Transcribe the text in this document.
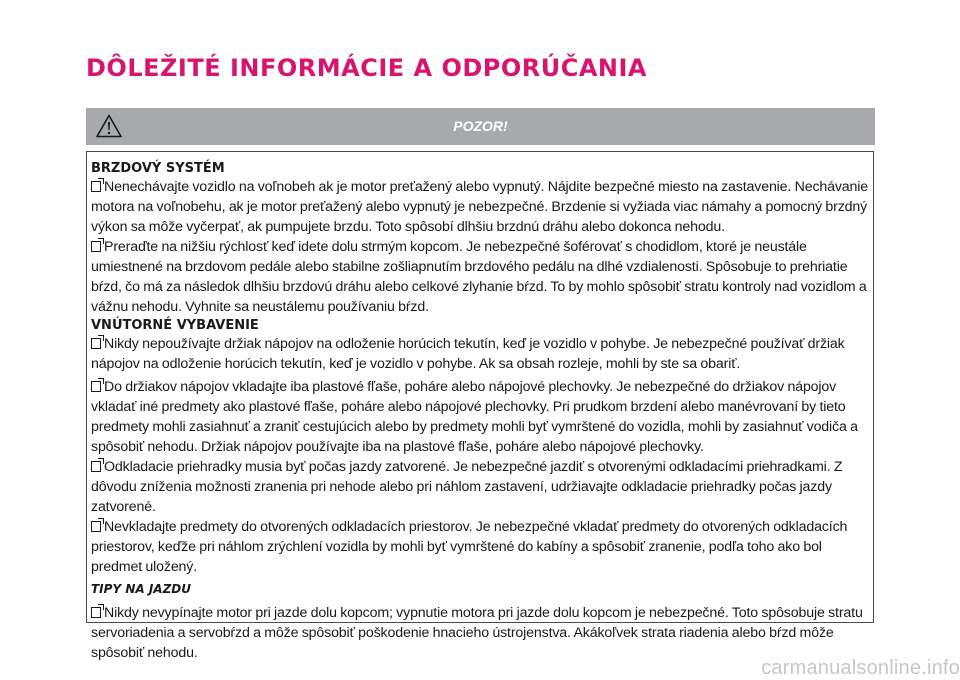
DÔLEŽITÉ INFORMÁCIE A ODPORÚČANIA
POZOR!
BRZDOVÝ SYSTÉM

Nenechávajte vozidlo na voľnobeh ak je motor preťažený alebo vypnutý. Nájdite bezpečné miesto na zastavenie. Nechávanie motora na voľnobehu, ak je motor preťažený alebo vypnutý je nebezpečné. Brzdenie si vyžiada viac námahy a pomocný brzdný výkon sa môže vyčerpať, ak pumpujete brzdu. Toto spôsobí dlhšiu brzdnú dráhu alebo dokonca nehodu.

Preraďte na nižšiu rýchlosť keď idete dolu strmým kopcom. Je nebezpečné šoférovať s chodidlom, ktoré je neustále umiestnené na brzdovom pedále alebo stabilne zošliapnutím brzdového pedálu na dlhé vzdialenosti. Spôsobuje to prehriatie bŕzd, čo má za následok dlhšiu brzdovú dráhu alebo celkové zlyhanie bŕzd. To by mohlo spôsobiť stratu kontroly nad vozidlom a vážnu nehodu. Vyhnite sa neustálemu používaniu bŕzd.

VNÚTORNÉ VYBAVENIE

Nikdy nepoužívajte držiak nápojov na odloženie horúcich tekutín, keď je vozidlo v pohybe. Je nebezpečné používať držiak nápojov na odloženie horúcich tekutín, keď je vozidlo v pohybe. Ak sa obsah rozleje, mohli by ste sa obariť.

Do držiakov nápojov vkladajte iba plastové fľaše, poháre alebo nápojové plechovky. Je nebezpečné do držiakov nápojov vkladať iné predmety ako plastové fľaše, poháre alebo nápojové plechovky. Pri prudkom brzdení alebo manévrovaní by tieto predmety mohli zasiahnuť a zraniť cestujúcich alebo by predmety mohli byť vymrštené do vozidla, mohli by zasiahnuť vodiča a spôsobiť nehodu. Držiak nápojov používajte iba na plastové fľaše, poháre alebo nápojové plechovky.

Odkladacie priehradky musia byť počas jazdy zatvorené. Je nebezpečné jazdiť s otvorenými odkladacími priehradkami. Z dôvodu zníženia možnosti zranenia pri nehode alebo pri náhlom zastavení, udržiavajte odkladacie priehradky počas jazdy zatvorené.

Nevkladajte predmety do otvorených odkladacích priestorov. Je nebezpečné vkladať predmety do otvorených odkladacích priestorov, keďže pri náhlom zrýchlení vozidla by mohli byť vymrštené do kabíny a spôsobiť zranenie, podľa toho ako bol predmet uložený.

TIPY NA JAZDU

Nikdy nevypínajte motor pri jazde dolu kopcom; vypnutie motora pri jazde dolu kopcom je nebezpečné. Toto spôsobuje stratu servoriadenia a servobŕzd a môže spôsobiť poškodenie hnacieho ústrojenstva. Akákoľvek strata riadenia alebo bŕzd môže spôsobiť nehodu.

carmanualsonline.info
